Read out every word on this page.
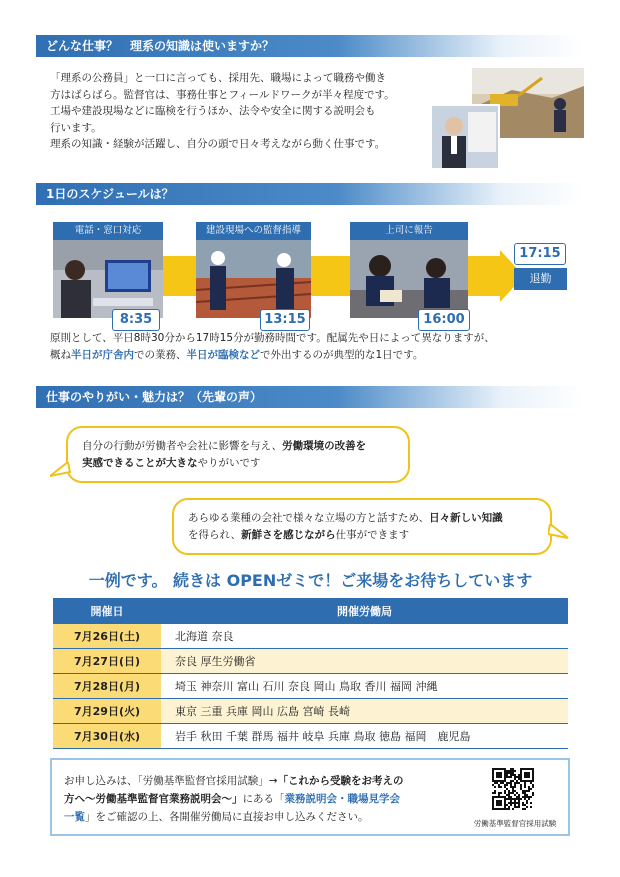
どんな仕事？　理系の知識は使いますか？

「理系の公務員」と一口に言っても、採用先、職場によって職務や働き

方はばらばら。監督官は、事務仕事とフィールドワークが半々程度です。

工場や建設現場などに臨検を行うほか、法令や安全に関する説明会も

行います。

理系の知識・経験が活躍し、自分の頭で日々考えながら動く仕事です。

1日のスケジュールは？
電話・窓口対応
8:35
建設現場への監督指導
13:15
上司に報告
16:00
17:15
退勤
原則として、平日8時30分から17時15分が勤務時間です。配属先や日によって異なりますが、
概ね半日が庁舎内での業務、半日が臨検などで外出するのが典型的な1日です。
仕事のやりがい・魅力は？（先輩の声）
自分の行動が労働者や会社に影響を与え、労働環境の改善を
実感できることが大きなやりがいです
あらゆる業種の会社で様々な立場の方と話すため、日々新しい知識
を得られ、新鮮さを感じながら仕事ができます
一例です。 続きは OPENゼミで！ご来場をお待ちしています
開催日	開催労働局
7月26日(土)	北海道 奈良
7月27日(日)	奈良 厚生労働省
7月28日(月)	埼玉 神奈川 富山 石川 奈良 岡山 鳥取 香川 福岡 沖縄
7月29日(火)	東京 三重 兵庫 岡山 広島 宮崎 長崎
7月30日(水)	岩手 秋田 千葉 群馬 福井 岐阜 兵庫 鳥取 徳島 福岡　鹿児島
お申し込みは、「労働基準監督官採用試験」→「これから受験をお考えの
方へ～労働基準監督官業務説明会～」にある「業務説明会・職場見学会
一覧」をご確認の上、各開催労働局に直接お申し込みください。
労働基準監督官採用試験
